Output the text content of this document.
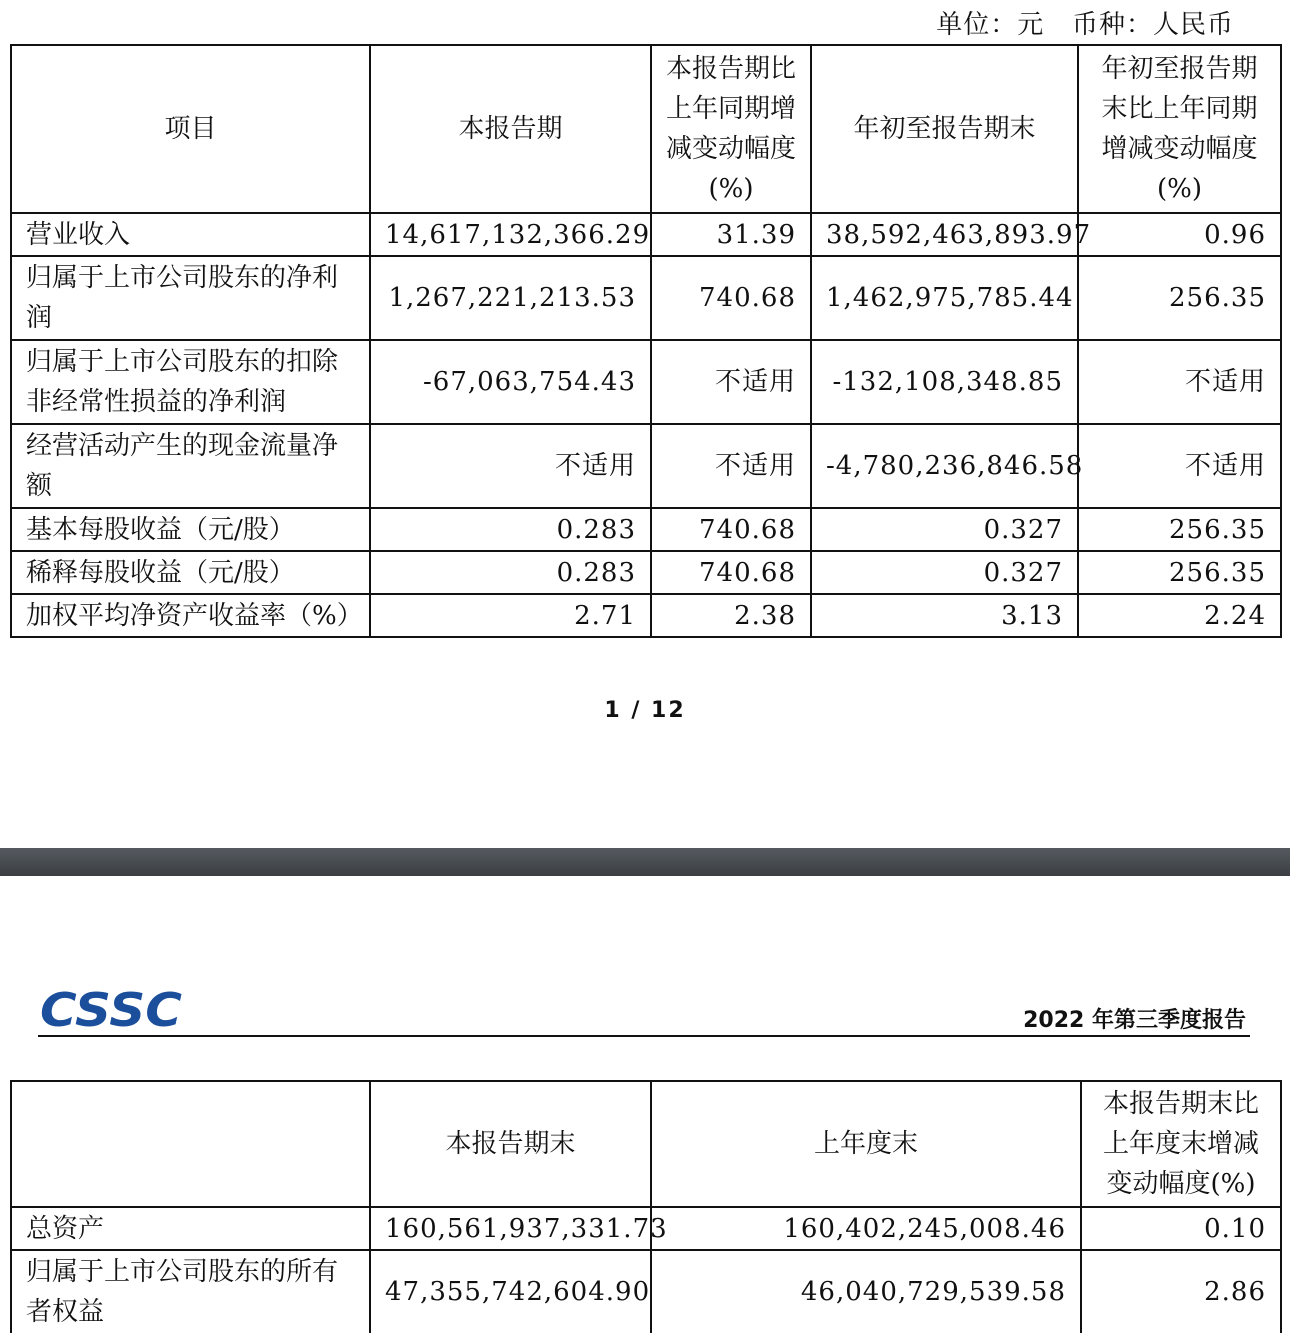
单位：元   币种：人民币
项目	本报告期	本报告期比上年同期增减变动幅度(%)	年初至报告期末	年初至报告期末比上年同期增减变动幅度(%)
营业收入	14,617,132,366.29	31.39	38,592,463,893.97	0.96
归属于上市公司股东的净利润	1,267,221,213.53	740.68	1,462,975,785.44	256.35
归属于上市公司股东的扣除非经常性损益的净利润	-67,063,754.43	不适用	-132,108,348.85	不适用
经营活动产生的现金流量净额	不适用	不适用	-4,780,236,846.58	不适用
基本每股收益（元/股）	0.283	740.68	0.327	256.35
稀释每股收益（元/股）	0.283	740.68	0.327	256.35
加权平均净资产收益率（%）	2.71	2.38	3.13	2.24
1 / 12
CSSC	2022 年第三季度报告
	本报告期末	上年度末	本报告期末比上年度末增减变动幅度(%)
总资产	160,561,937,331.73	160,402,245,008.46	0.10
归属于上市公司股东的所有者权益	47,355,742,604.90	46,040,729,539.58	2.86
